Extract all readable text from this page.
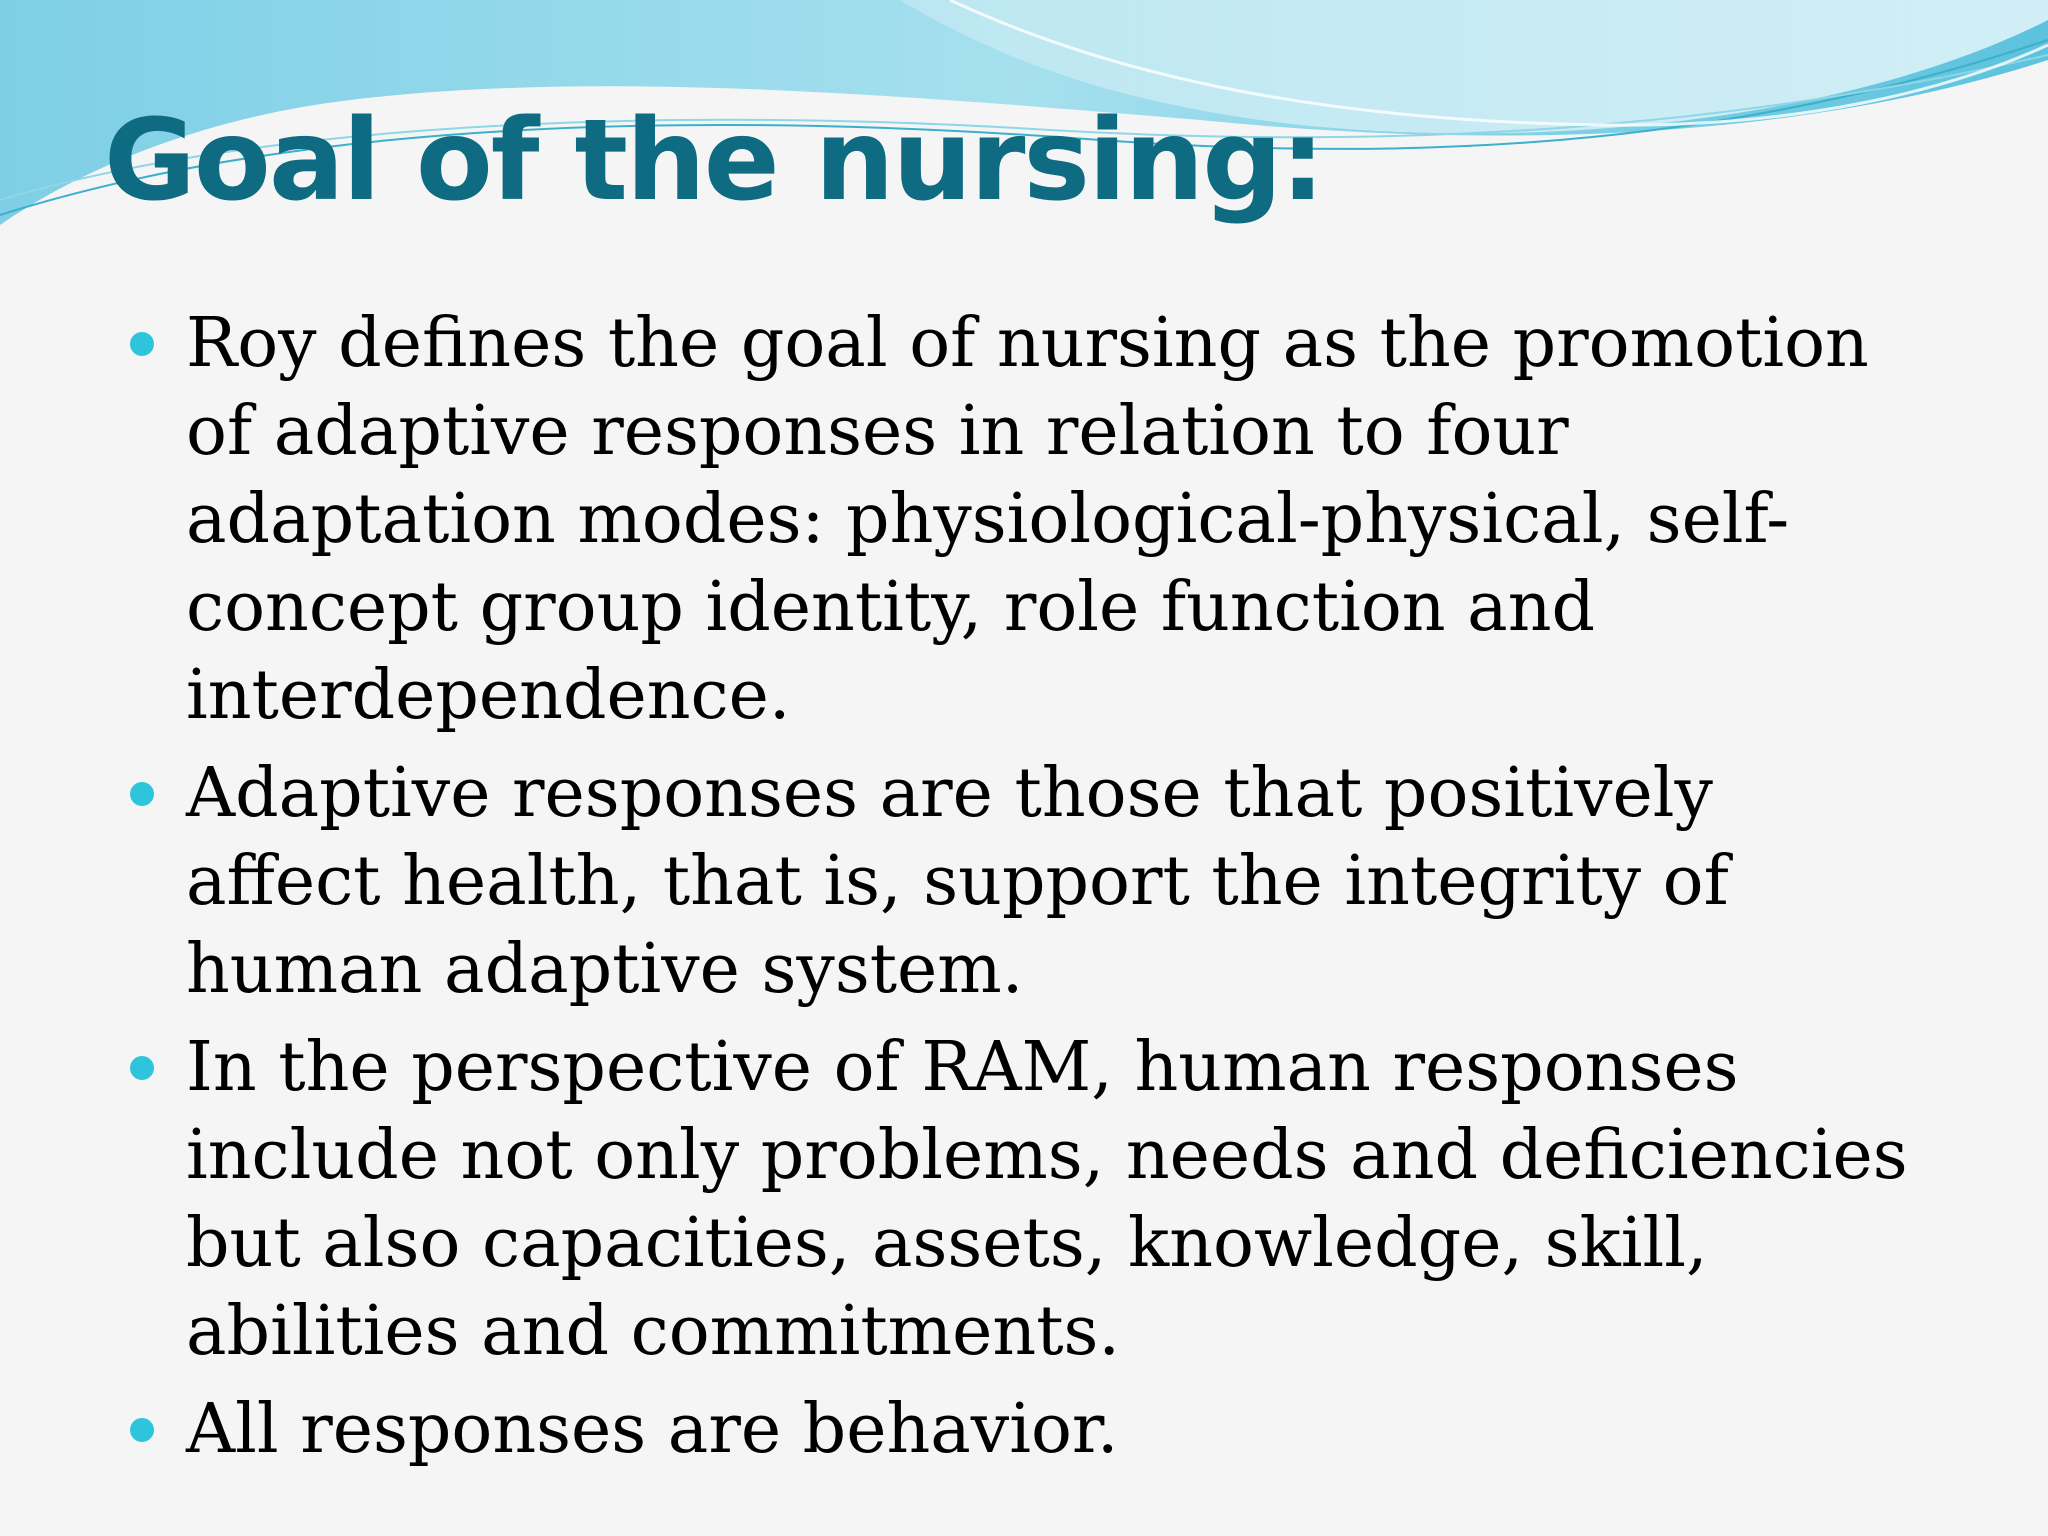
Goal of the nursing:
Roy defines the goal of nursing as the promotion of adaptive responses in relation to four adaptation modes: physiological-physical, self-concept group identity, role function and interdependence.
Adaptive responses are those that positively affect health, that is, support the integrity of human adaptive system.
In the perspective of RAM, human responses include not only problems, needs and deficiencies but also capacities, assets, knowledge, skill, abilities and commitments.
All responses are behavior.
